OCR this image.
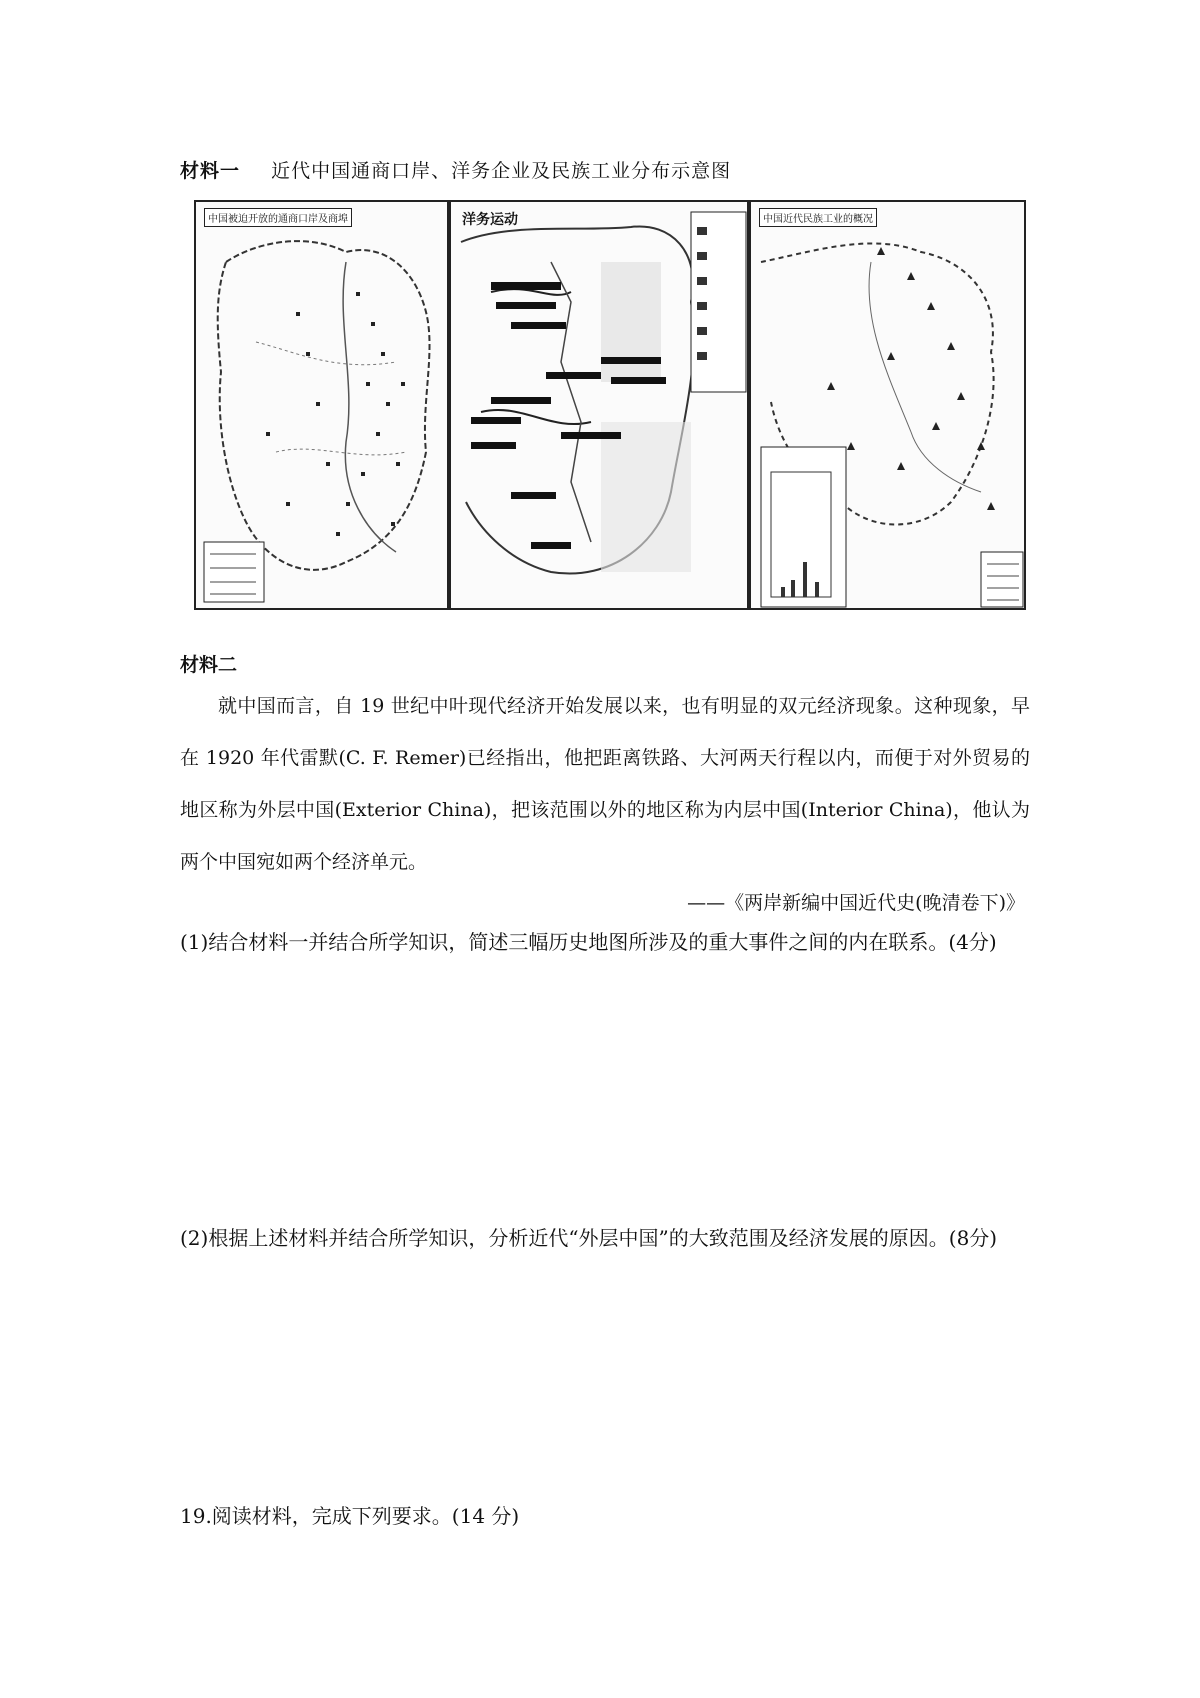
材料一 近代中国通商口岸、洋务企业及民族工业分布示意图
中国被迫开放的通商口岸及商埠	洋务运动	中国近代民族工业的概况
材料二

就中国而言，自 19 世纪中叶现代经济开始发展以来，也有明显的双元经济现象。这种现象，早在 1920 年代雷默(C. F. Remer)已经指出，他把距离铁路、大河两天行程以内，而便于对外贸易的地区称为外层中国(Exterior China)，把该范围以外的地区称为内层中国(Interior China)，他认为两个中国宛如两个经济单元。

——《两岸新编中国近代史(晚清卷下)》
(1)结合材料一并结合所学知识，简述三幅历史地图所涉及的重大事件之间的内在联系。(4分)
(2)根据上述材料并结合所学知识，分析近代“外层中国”的大致范围及经济发展的原因。(8分)
19.阅读材料，完成下列要求。(14 分)
